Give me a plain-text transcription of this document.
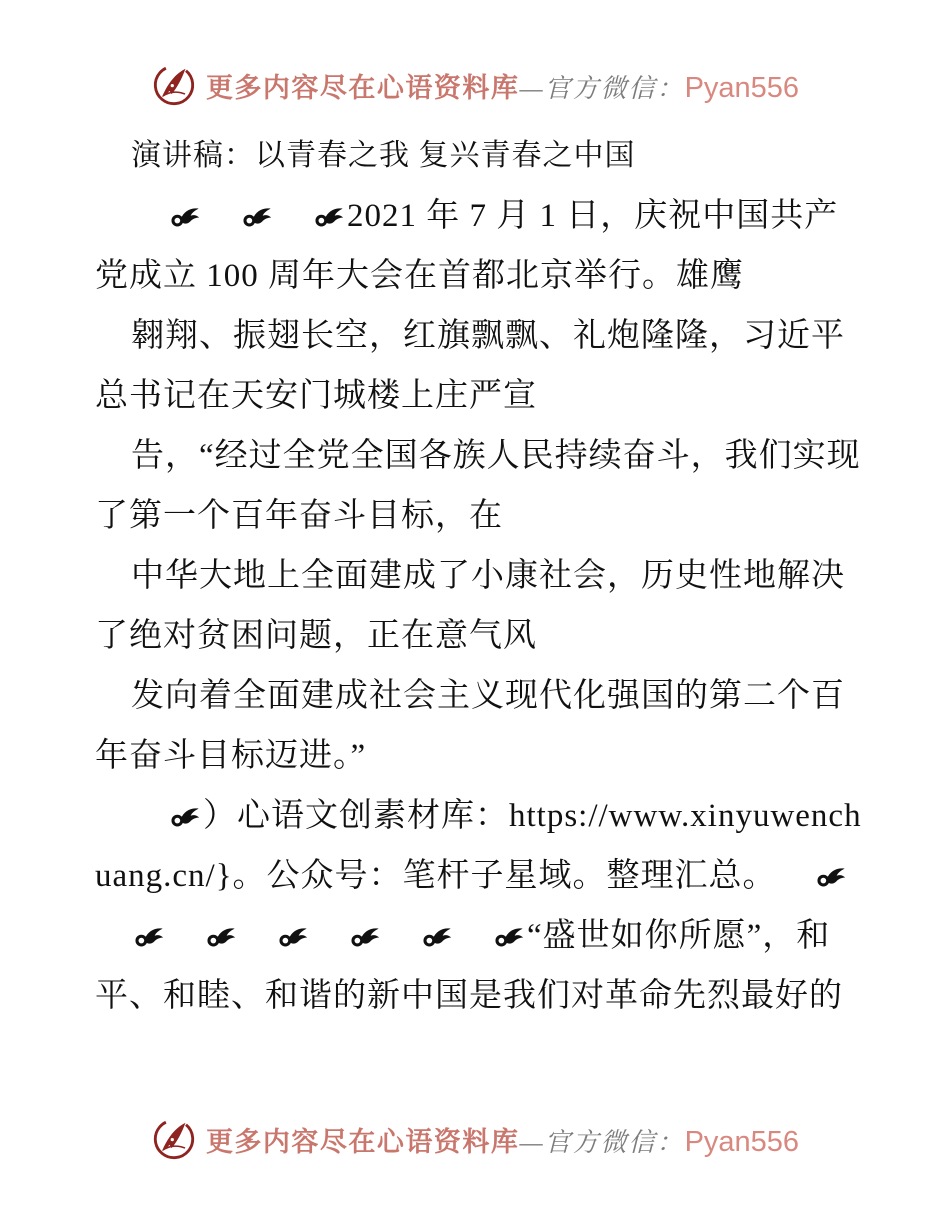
更多内容尽在心语资料库 —官方微信： Pyan556
演讲稿：以青春之我 复兴青春之中国

2021 年 7 月 1 日，庆祝中国共产党成立 100 周年大会在首都北京举行。雄鹰

翱翔、振翅长空，红旗飘飘、礼炮隆隆，习近平总书记在天安门城楼上庄严宣

告，“经过全党全国各族人民持续奋斗，我们实现了第一个百年奋斗目标，在

中华大地上全面建成了小康社会，历史性地解决了绝对贫困问题，正在意气风

发向着全面建成社会主义现代化强国的第二个百年奋斗目标迈进。”

）心语文创素材库：https://www.xinyuwenchuang.cn/}。公众号：笔杆子星域。整理汇总。“盛世如你所愿”，和平、和睦、和谐的新中国是我们对革命先烈最好的

更多内容尽在心语资料库 —官方微信： Pyan556
